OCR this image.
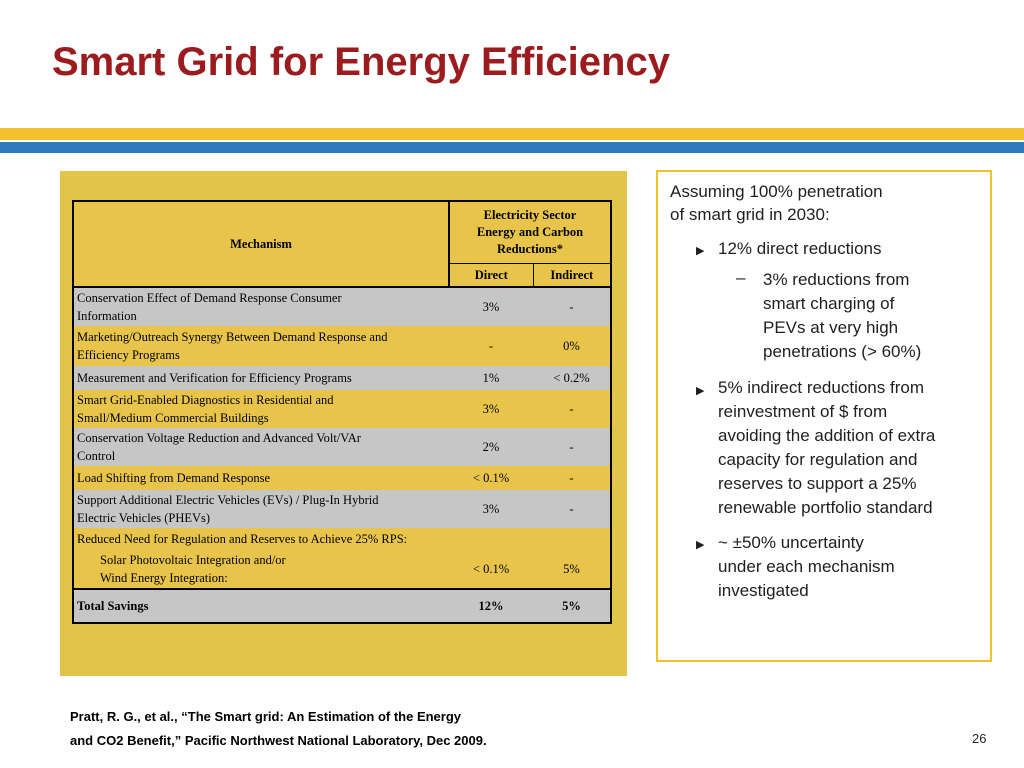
Smart Grid for Energy Efficiency
Mechanism	Electricity Sector
Energy and Carbon
Reductions*	

	Direct	Indirect

Conservation Effect of Demand Response Consumer
Information	3%	-

Marketing/Outreach Synergy Between Demand Response and
Efficiency Programs	-	0%
Measurement and Verification for Efficiency Programs	1%	< 0.2%

Smart Grid-Enabled Diagnostics in Residential and
Small/Medium Commercial Buildings	3%	-

Conservation Voltage Reduction and Advanced Volt/VAr
Control	2%	-
Load Shifting from Demand Response	< 0.1%	-

Support Additional Electric Vehicles (EVs) / Plug-In Hybrid
Electric Vehicles (PHEVs)	3%	-
Reduced Need for Regulation and Reserves to Achieve 25% RPS:		

Solar Photovoltaic Integration and/or
Wind Energy Integration:	< 0.1%	5%
Total Savings	12%	5%
Assuming 100% penetration
of smart grid in 2030:
▶ 12% direct reductions
– 3% reductions from
smart charging of
PEVs at very high
penetrations (> 60%)
▶ 5% indirect reductions from
reinvestment of $ from
avoiding the addition of extra
capacity for regulation and
reserves to support a 25%
renewable portfolio standard
▶ ~ ±50% uncertainty
under each mechanism
investigated
Pratt, R. G., et al., “The Smart grid: An Estimation of the Energy
and CO2 Benefit,” Pacific Northwest National Laboratory, Dec 2009.	26
